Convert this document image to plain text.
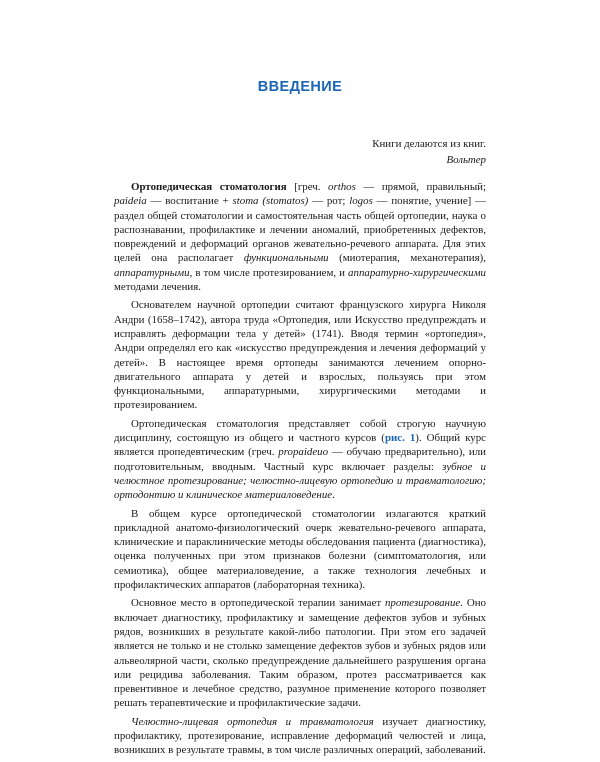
ВВЕДЕНИЕ
Книги делаются из книг.
Вольтер

Ортопедическая стоматология [греч. orthos — прямой, правильный; paideia — воспитание + stoma (stomatos) — рот; logos — понятие, учение] — раздел общей стоматологии и самостоятельная часть общей ортопедии, наука о распознавании, профилактике и лечении аномалий, приобретенных дефектов, повреждений и деформаций органов жевательно-речевого аппарата. Для этих целей она располагает функциональными (миотерапия, механотерапия), аппаратурными, в том числе протезированием, и аппаратурно-хирургическими методами лечения.

Основателем научной ортопедии считают французского хирурга Николя Андри (1658–1742), автора труда «Ортопедия, или Искусство предупреждать и исправлять деформации тела у детей» (1741). Вводя термин «ортопедия», Андри определял его как «искусство предупреждения и лечения деформаций у детей». В настоящее время ортопеды занимаются лечением опорно-двигательного аппарата у детей и взрослых, пользуясь при этом функциональными, аппаратурными, хирургическими методами и протезированием.

Ортопедическая стоматология представляет собой строгую научную дисциплину, состоящую из общего и частного курсов (рис. 1). Общий курс является пропедевтическим (греч. propaideuo — обучаю предварительно), или подготовительным, вводным. Частный курс включает разделы: зубное и челюстное протезирование; челюстно-лицевую ортопедию и травматологию; ортодонтию и клиническое материаловедение.

В общем курсе ортопедической стоматологии излагаются краткий прикладной анатомо-физиологический очерк жевательно-речевого аппарата, клинические и параклинические методы обследования пациента (диагностика), оценка полученных при этом признаков болезни (симптоматология, или семиотика), общее материаловедение, а также технология лечебных и профилактических аппаратов (лабораторная техника).

Основное место в ортопедической терапии занимает протезирование. Оно включает диагностику, профилактику и замещение дефектов зубов и зубных рядов, возникших в результате какой-либо патологии. При этом его задачей является не только и не столько замещение дефектов зубов и зубных рядов или альвеолярной части, сколько предупреждение дальнейшего разрушения органа или рецидива заболевания. Таким образом, протез рассматривается как превентивное и лечебное средство, разумное применение которого позволяет решать терапевтические и профилактические задачи.

Челюстно-лицевая ортопедия и травматология изучает диагностику, профилактику, протезирование, исправление деформаций челюстей и лица, возникших в результате травмы, в том числе различных операций, заболеваний.
